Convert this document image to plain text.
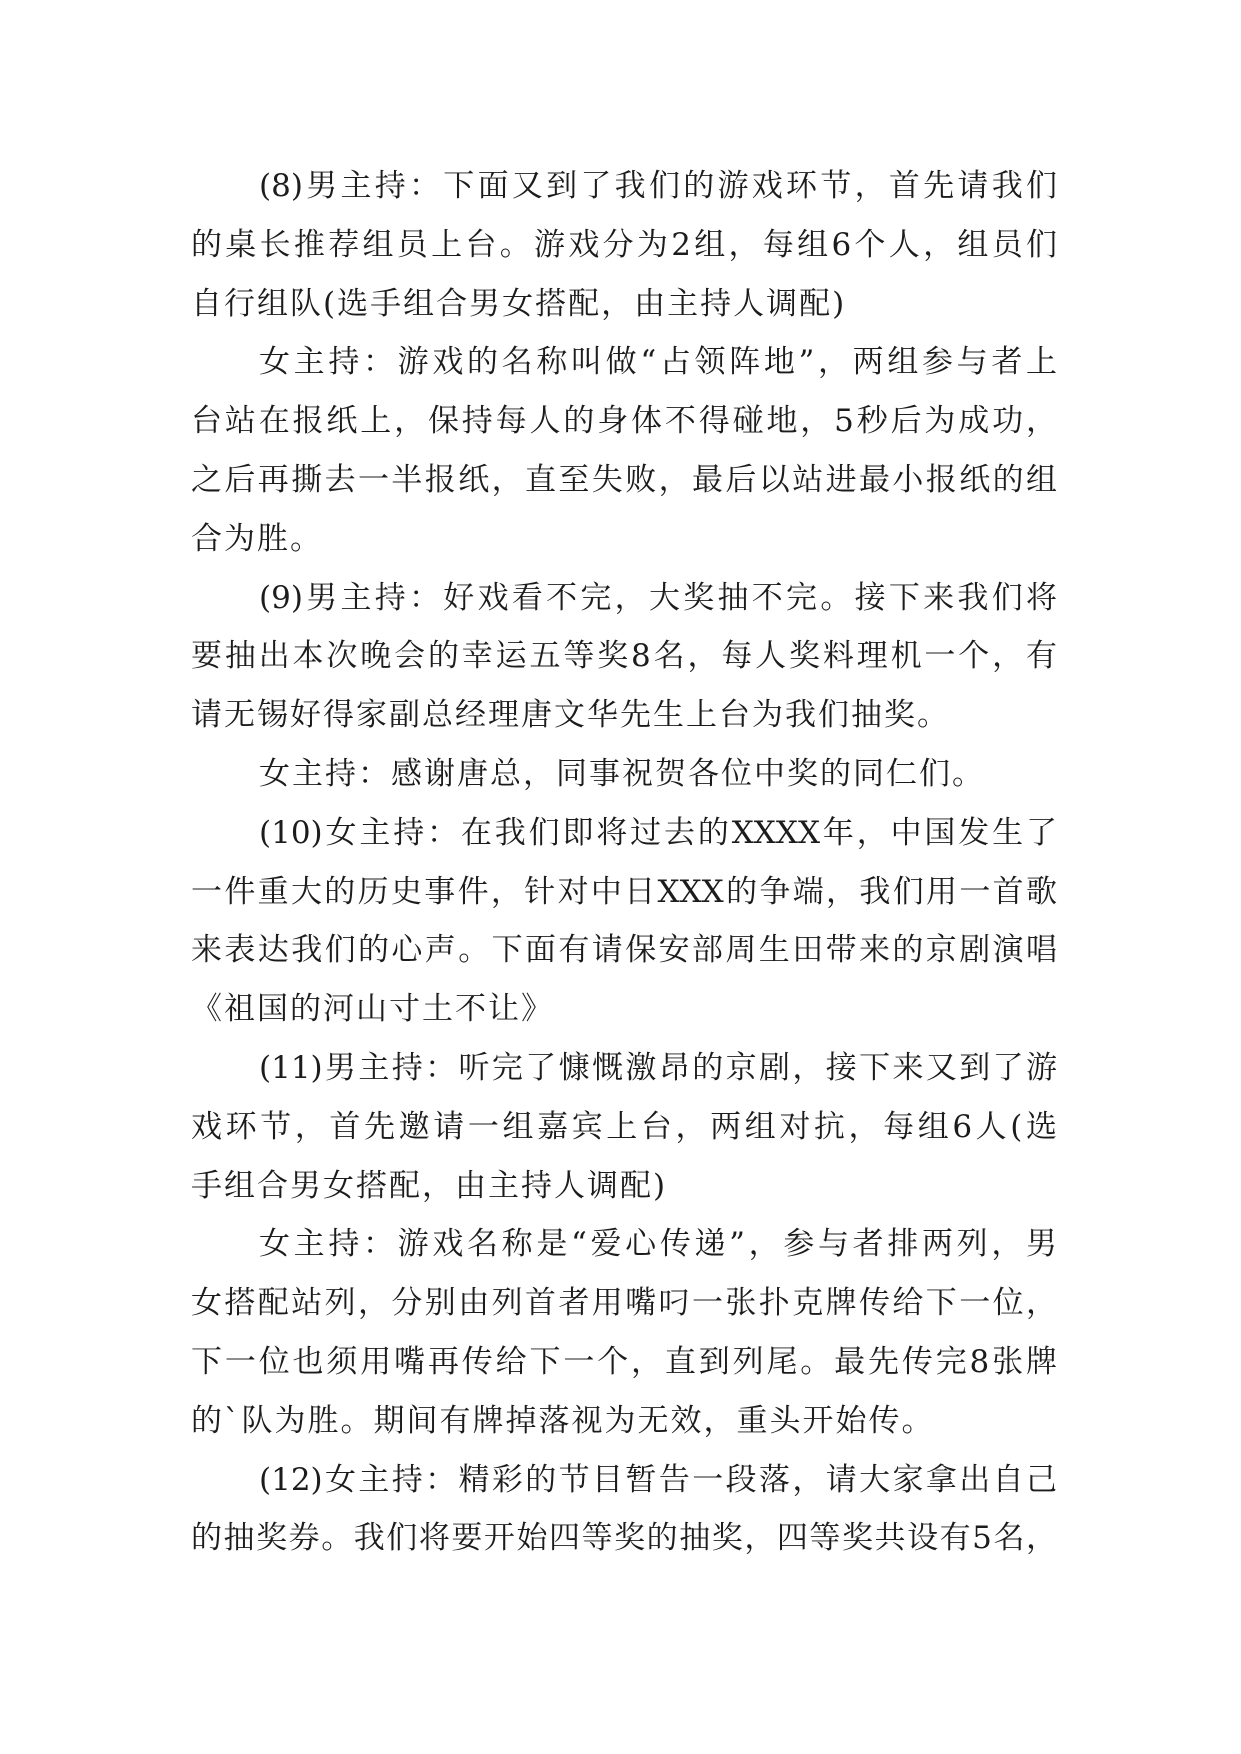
(8)男主持：下面又到了我们的游戏环节，首先请我们
的桌长推荐组员上台。游戏分为2组，每组6个人，组员们
自行组队(选手组合男女搭配，由主持人调配)
女主持：游戏的名称叫做“占领阵地”，两组参与者上
台站在报纸上，保持每人的身体不得碰地，5秒后为成功，
之后再撕去一半报纸，直至失败，最后以站进最小报纸的组
合为胜。
(9)男主持：好戏看不完，大奖抽不完。接下来我们将
要抽出本次晚会的幸运五等奖8名，每人奖料理机一个，有
请无锡好得家副总经理唐文华先生上台为我们抽奖。
女主持：感谢唐总，同事祝贺各位中奖的同仁们。
(10)女主持：在我们即将过去的XXXX年，中国发生了
一件重大的历史事件，针对中日XXX的争端，我们用一首歌
来表达我们的心声。下面有请保安部周生田带来的京剧演唱
《祖国的河山寸土不让》
(11)男主持：听完了慷慨激昂的京剧，接下来又到了游
戏环节，首先邀请一组嘉宾上台，两组对抗，每组6人(选
手组合男女搭配，由主持人调配)
女主持：游戏名称是“爱心传递”，参与者排两列，男
女搭配站列，分别由列首者用嘴叼一张扑克牌传给下一位，
下一位也须用嘴再传给下一个，直到列尾。最先传完8张牌
的`队为胜。期间有牌掉落视为无效，重头开始传。
(12)女主持：精彩的节目暂告一段落，请大家拿出自己
的抽奖券。我们将要开始四等奖的抽奖，四等奖共设有5名，
